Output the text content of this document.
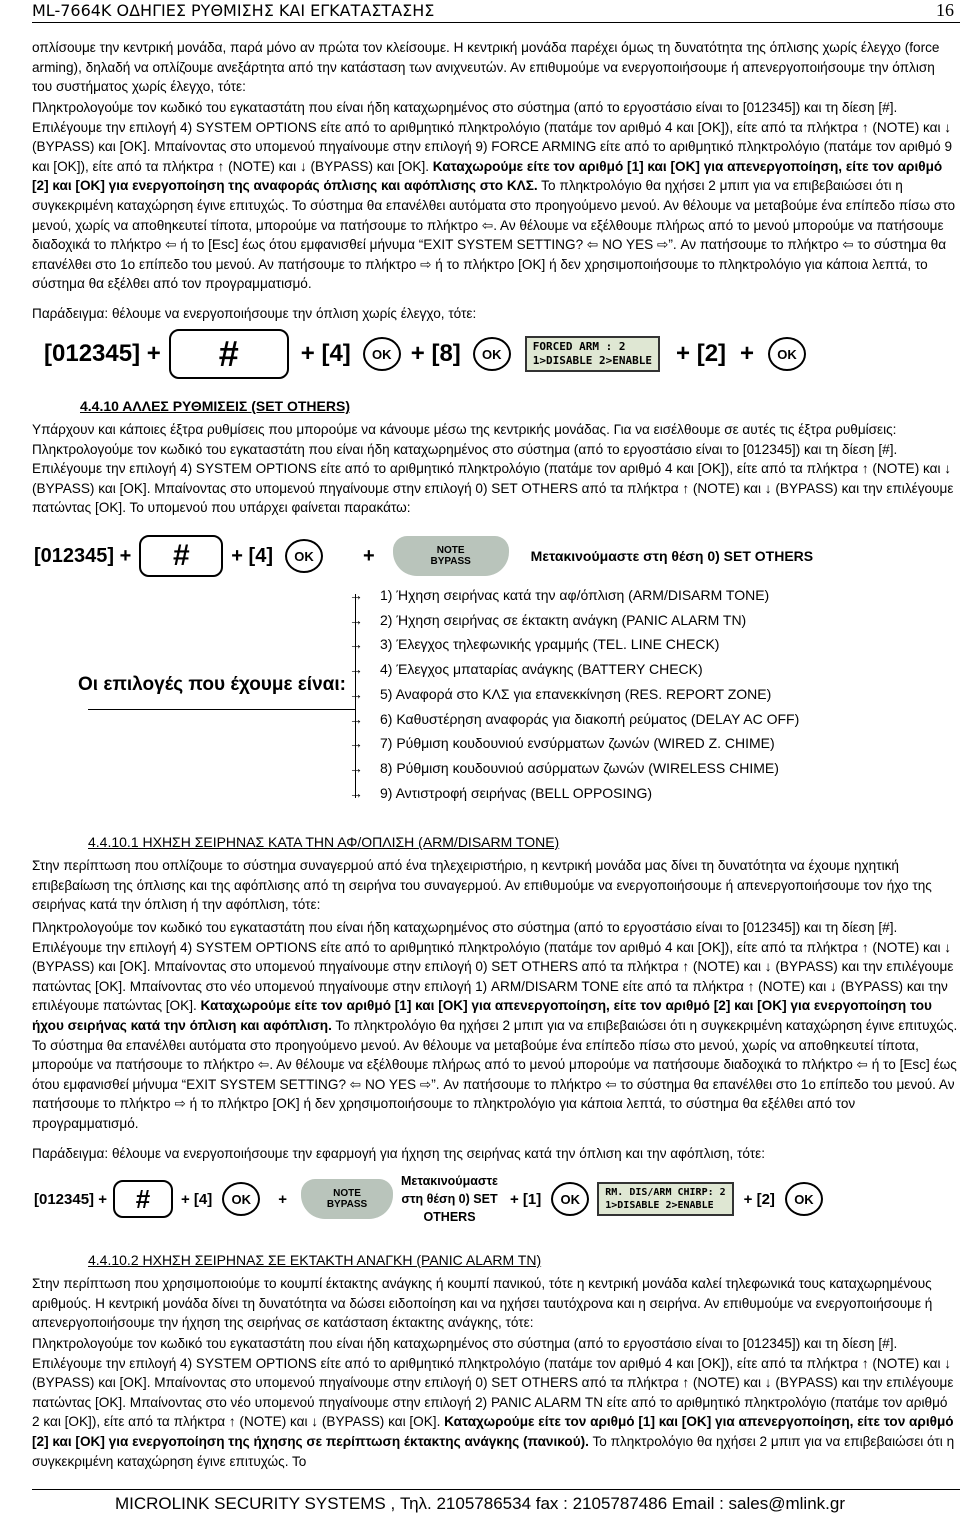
ML-7664K ΟΔΗΓΙΕΣ ΡΥΘΜΙΣΗΣ ΚΑΙ ΕΓΚΑΤΑΣΤΑΣΗΣ	16

οπλίσουμε την κεντρική μονάδα, παρά μόνο αν πρώτα τον κλείσουμε. Η κεντρική μονάδα παρέχει όμως τη δυνατότητα της όπλισης χωρίς έλεγχο (force arming), δηλαδή να οπλίζουμε ανεξάρτητα από την κατάσταση των ανιχνευτών. Αν επιθυμούμε να ενεργοποιήσουμε ή απενεργοποιήσουμε την όπλιση του συστήματος χωρίς έλεγχο, τότε:

Πληκτρολογούμε τον κωδικό του εγκαταστάτη που είναι ήδη καταχωρημένος στο σύστημα (από το εργοστάσιο είναι το [012345]) και τη δίεση [#]. Επιλέγουμε την επιλογή 4) SYSTEM OPTIONS είτε από το αριθμητικό πληκτρολόγιο (πατάμε τον αριθμό 4 και [OK]), είτε από τα πλήκτρα ↑ (NOTE) και ↓ (BYPASS) και [OK]. Μπαίνοντας στο υπομενού πηγαίνουμε στην επιλογή 9) FORCE ARMING είτε από το αριθμητικό πληκτρολόγιο (πατάμε τον αριθμό 9 και [OK]), είτε από τα πλήκτρα ↑ (NOTE) και ↓ (BYPASS) και [OK]. Καταχωρούμε είτε τον αριθμό [1] και [OK] για απενεργοποίηση, είτε τον αριθμό [2] και [OK] για ενεργοποίηση της αναφοράς όπλισης και αφόπλισης στο ΚΛΣ. Το πληκτρολόγιο θα ηχήσει 2 μπιπ για να επιβεβαιώσει ότι η συγκεκριμένη καταχώρηση έγινε επιτυχώς. Το σύστημα θα επανέλθει αυτόματα στο προηγούμενο μενού. Αν θέλουμε να μεταβούμε ένα επίπεδο πίσω στο μενού, χωρίς να αποθηκευτεί τίποτα, μπορούμε να πατήσουμε το πλήκτρο ⇦. Αν θέλουμε να εξέλθουμε πλήρως από το μενού μπορούμε να πατήσουμε διαδοχικά το πλήκτρο ⇦ ή το [Esc] έως ότου εμφανισθεί μήνυμα “EXIT SYSTEM SETTING? ⇦ NO YES ⇨”. Αν πατήσουμε το πλήκτρο ⇦ το σύστημα θα επανέλθει στο 1ο επίπεδο του μενού. Αν πατήσουμε το πλήκτρο ⇨ ή το πλήκτρο [OK] ή δεν χρησιμοποιήσουμε το πληκτρολόγιο για κάποια λεπτά, το σύστημα θα εξέλθει από τον προγραμματισμό.

Παράδειγμα: θέλουμε να ενεργοποιήσουμε την όπλιση χωρίς έλεγχο, τότε:

[012345] +	#	+ [4]	OK + [8]	OK	FORCED ARM : 2
1>DISABLE 2>ENABLE + [2] +	OK
4.4.10 ΑΛΛΕΣ ΡΥΘΜΙΣΕΙΣ (SET OTHERS)

Υπάρχουν και κάποιες έξτρα ρυθμίσεις που μπορούμε να κάνουμε μέσω της κεντρικής μονάδας. Για να εισέλθουμε σε αυτές τις έξτρα ρυθμίσεις: Πληκτρολογούμε τον κωδικό του εγκαταστάτη που είναι ήδη καταχωρημένος στο σύστημα (από το εργοστάσιο είναι το [012345]) και τη δίεση [#]. Επιλέγουμε την επιλογή 4) SYSTEM OPTIONS είτε από το αριθμητικό πληκτρολόγιο (πατάμε τον αριθμό 4 και [OK]), είτε από τα πλήκτρα ↑ (NOTE) και ↓ (BYPASS) και [OK]. Μπαίνοντας στο υπομενού πηγαίνουμε στην επιλογή 0) SET OTHERS από τα πλήκτρα ↑ (NOTE) και ↓ (BYPASS) και την επιλέγουμε πατώντας [OK]. Το υπομενού που υπάρχει φαίνεται παρακάτω:

[012345] +	#	+ [4]	OK	+	NOTE
BYPASS	Μετακινούμαστε στη θέση 0) SET OTHERS
Οι επιλογές που έχουμε είναι:
→ 1) Ήχηση σειρήνας κατά την αφ/όπλιση (ARM/DISARM TONE)
→ 2) Ήχηση σειρήνας σε έκτακτη ανάγκη (PANIC ALARM TN)
→ 3) Έλεγχος τηλεφωνικής γραμμής (TEL. LINE CHECK)
→ 4) Έλεγχος μπαταρίας ανάγκης (BATTERY CHECK)
→ 5) Αναφορά στο ΚΛΣ για επανεκκίνηση (RES. REPORT ZONE)
→ 6) Καθυστέρηση αναφοράς για διακοπή ρεύματος (DELAY AC OFF)
→ 7) Ρύθμιση κουδουνιού ενσύρματων ζωνών (WIRED Z. CHIME)
→ 8) Ρύθμιση κουδουνιού ασύρματων ζωνών (WIRELESS CHIME)
→ 9) Αντιστροφή σειρήνας (BELL OPPOSING)
4.4.10.1 ΗΧΗΣΗ ΣΕΙΡΗΝΑΣ ΚΑΤΑ ΤΗΝ ΑΦ/ΟΠΛΙΣΗ (ARM/DISARM TONE)

Στην περίπτωση που οπλίζουμε το σύστημα συναγερμού από ένα τηλεχειριστήριο, η κεντρική μονάδα μας δίνει τη δυνατότητα να έχουμε ηχητική επιβεβαίωση της όπλισης και της αφόπλισης από τη σειρήνα του συναγερμού. Αν επιθυμούμε να ενεργοποιήσουμε ή απενεργοποιήσουμε τον ήχο της σειρήνας κατά την όπλιση ή την αφόπλιση, τότε:

Πληκτρολογούμε τον κωδικό του εγκαταστάτη που είναι ήδη καταχωρημένος στο σύστημα (από το εργοστάσιο είναι το [012345]) και τη δίεση [#]. Επιλέγουμε την επιλογή 4) SYSTEM OPTIONS είτε από το αριθμητικό πληκτρολόγιο (πατάμε τον αριθμό 4 και [OK]), είτε από τα πλήκτρα ↑ (NOTE) και ↓ (BYPASS) και [OK]. Μπαίνοντας στο υπομενού πηγαίνουμε στην επιλογή 0) SET OTHERS από τα πλήκτρα ↑ (NOTE) και ↓ (BYPASS) και την επιλέγουμε πατώντας [OK]. Μπαίνοντας στο νέο υπομενού πηγαίνουμε στην επιλογή 1) ARM/DISARM TONE είτε από τα πλήκτρα ↑ (NOTE) και ↓ (BYPASS) και την επιλέγουμε πατώντας [OK]. Καταχωρούμε είτε τον αριθμό [1] και [OK] για απενεργοποίηση, είτε τον αριθμό [2] και [OK] για ενεργοποίηση του ήχου σειρήνας κατά την όπλιση και αφόπλιση. Το πληκτρολόγιο θα ηχήσει 2 μπιπ για να επιβεβαιώσει ότι η συγκεκριμένη καταχώρηση έγινε επιτυχώς. Το σύστημα θα επανέλθει αυτόματα στο προηγούμενο μενού. Αν θέλουμε να μεταβούμε ένα επίπεδο πίσω στο μενού, χωρίς να αποθηκευτεί τίποτα, μπορούμε να πατήσουμε το πλήκτρο ⇦. Αν θέλουμε να εξέλθουμε πλήρως από το μενού μπορούμε να πατήσουμε διαδοχικά το πλήκτρο ⇦ ή το [Esc] έως ότου εμφανισθεί μήνυμα “EXIT SYSTEM SETTING? ⇦ NO YES ⇨”. Αν πατήσουμε το πλήκτρο ⇦ το σύστημα θα επανέλθει στο 1ο επίπεδο του μενού. Αν πατήσουμε το πλήκτρο ⇨ ή το πλήκτρο [OK] ή δεν χρησιμοποιήσουμε το πληκτρολόγιο για κάποια λεπτά, το σύστημα θα εξέλθει από τον προγραμματισμό.

Παράδειγμα: θέλουμε να ενεργοποιήσουμε την εφαρμογή για ήχηση της σειρήνας κατά την όπλιση και την αφόπλιση, τότε:

[012345] +	#	+ [4]	OK	+	NOTE
BYPASS
Μετακινούμαστε
στη θέση 0) SET
OTHERS
+ [1]	OK	RM. DIS/ARM CHIRP: 2
1>DISABLE 2>ENABLE	+ [2]	OK
4.4.10.2 ΗΧΗΣΗ ΣΕΙΡΗΝΑΣ ΣΕ ΕΚΤΑΚΤΗ ΑΝΑΓΚΗ (PANIC ALARM TN)

Στην περίπτωση που χρησιμοποιούμε το κουμπί έκτακτης ανάγκης ή κουμπί πανικού, τότε η κεντρική μονάδα καλεί τηλεφωνικά τους καταχωρημένους αριθμούς. Η κεντρική μονάδα δίνει τη δυνατότητα να δώσει ειδοποίηση και να ηχήσει ταυτόχρονα και η σειρήνα. Αν επιθυμούμε να ενεργοποιήσουμε ή απενεργοποιήσουμε την ήχηση της σειρήνας σε κατάσταση έκτακτης ανάγκης, τότε:

Πληκτρολογούμε τον κωδικό του εγκαταστάτη που είναι ήδη καταχωρημένος στο σύστημα (από το εργοστάσιο είναι το [012345]) και τη δίεση [#]. Επιλέγουμε την επιλογή 4) SYSTEM OPTIONS είτε από το αριθμητικό πληκτρολόγιο (πατάμε τον αριθμό 4 και [OK]), είτε από τα πλήκτρα ↑ (NOTE) και ↓ (BYPASS) και [OK]. Μπαίνοντας στο υπομενού πηγαίνουμε στην επιλογή 0) SET OTHERS από τα πλήκτρα ↑ (NOTE) και ↓ (BYPASS) και την επιλέγουμε πατώντας [OK]. Μπαίνοντας στο νέο υπομενού πηγαίνουμε στην επιλογή 2) PANIC ALARM TN είτε από το αριθμητικό πληκτρολόγιο (πατάμε τον αριθμό 2 και [OK]), είτε από τα πλήκτρα ↑ (NOTE) και ↓ (BYPASS) και [OK]. Καταχωρούμε είτε τον αριθμό [1] και [OK] για απενεργοποίηση, είτε τον αριθμό [2] και [OK] για ενεργοποίηση της ήχησης σε περίπτωση έκτακτης ανάγκης (πανικού). Το πληκτρολόγιο θα ηχήσει 2 μπιπ για να επιβεβαιώσει ότι η συγκεκριμένη καταχώρηση έγινε επιτυχώς. Το

MICROLINK SECURITY SYSTEMS , Τηλ. 2105786534 fax : 2105787486 Email : sales@mlink.gr
